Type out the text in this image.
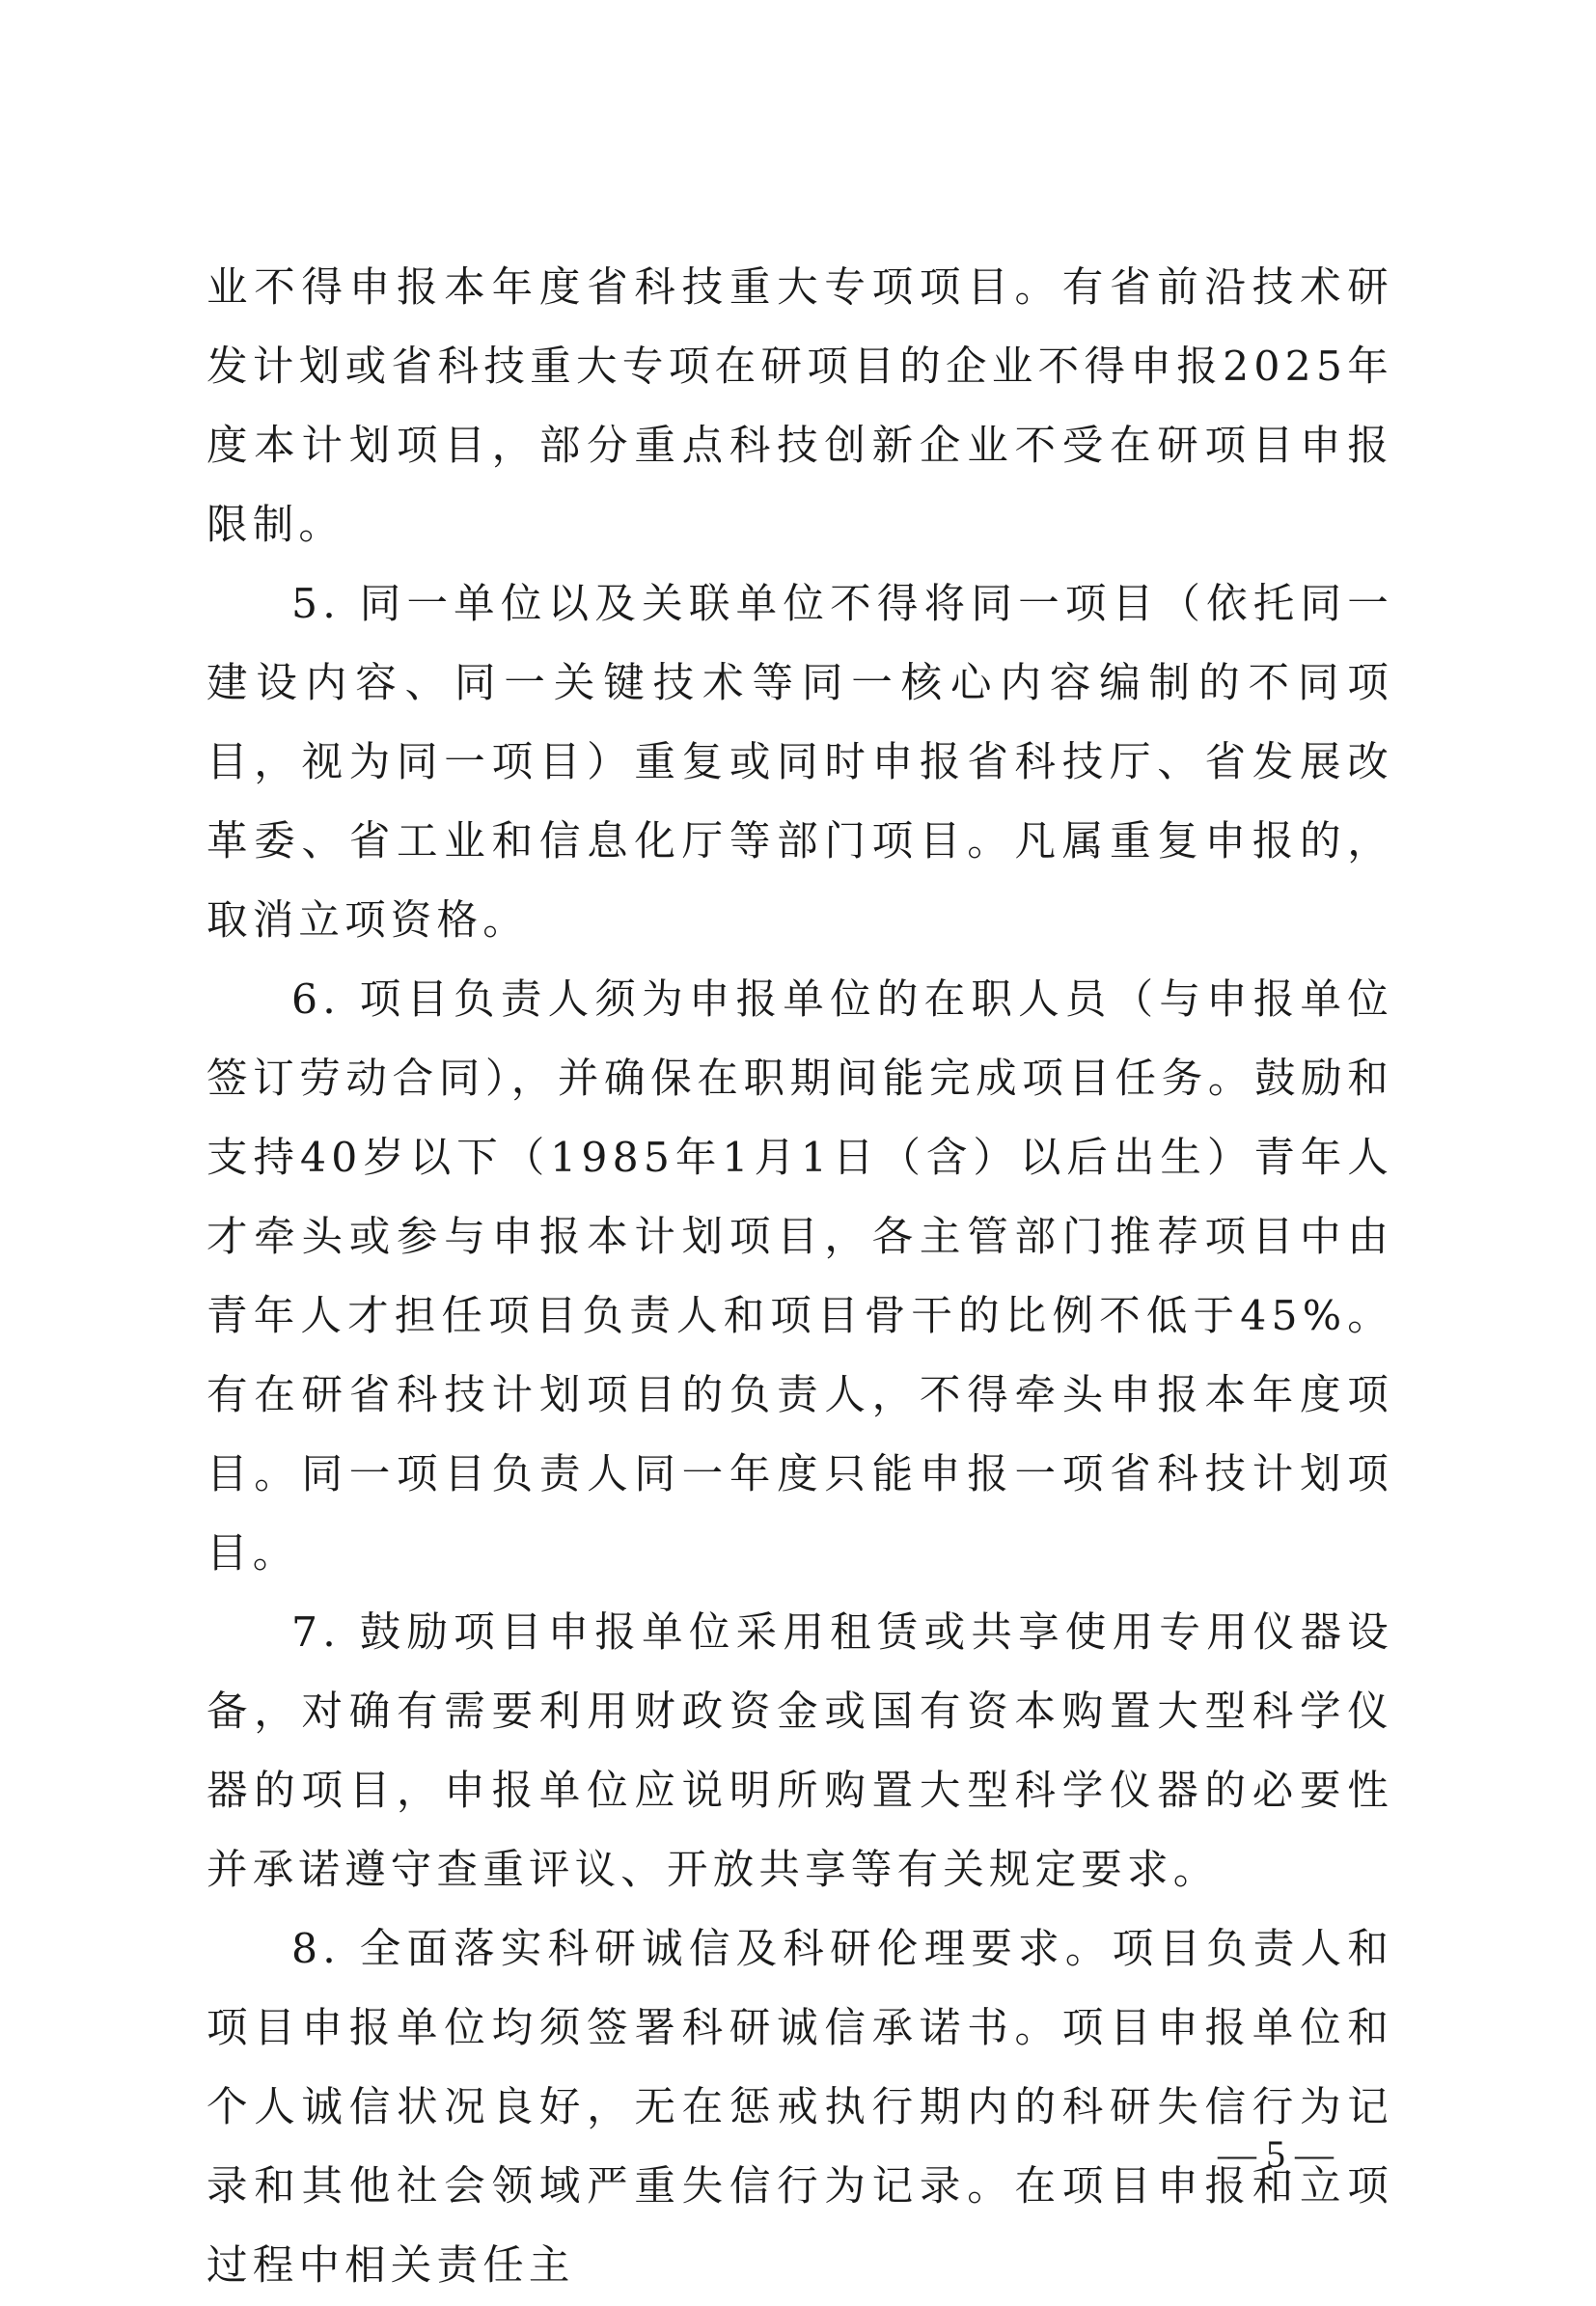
业不得申报本年度省科技重大专项项目。有省前沿技术研发计划或省科技重大专项在研项目的企业不得申报2025年度本计划项目，部分重点科技创新企业不受在研项目申报限制。

5. 同一单位以及关联单位不得将同一项目（依托同一建设内容、同一关键技术等同一核心内容编制的不同项目，视为同一项目）重复或同时申报省科技厅、省发展改革委、省工业和信息化厅等部门项目。凡属重复申报的，取消立项资格。

6. 项目负责人须为申报单位的在职人员（与申报单位签订劳动合同），并确保在职期间能完成项目任务。鼓励和支持40岁以下（1985年1月1日（含）以后出生）青年人才牵头或参与申报本计划项目，各主管部门推荐项目中由青年人才担任项目负责人和项目骨干的比例不低于45%。有在研省科技计划项目的负责人，不得牵头申报本年度项目。同一项目负责人同一年度只能申报一项省科技计划项目。

7. 鼓励项目申报单位采用租赁或共享使用专用仪器设备，对确有需要利用财政资金或国有资本购置大型科学仪器的项目，申报单位应说明所购置大型科学仪器的必要性并承诺遵守查重评议、开放共享等有关规定要求。

8. 全面落实科研诚信及科研伦理要求。项目负责人和项目申报单位均须签署科研诚信承诺书。项目申报单位和个人诚信状况良好，无在惩戒执行期内的科研失信行为记录和其他社会领域严重失信行为记录。在项目申报和立项过程中相关责任主

— 5 —
